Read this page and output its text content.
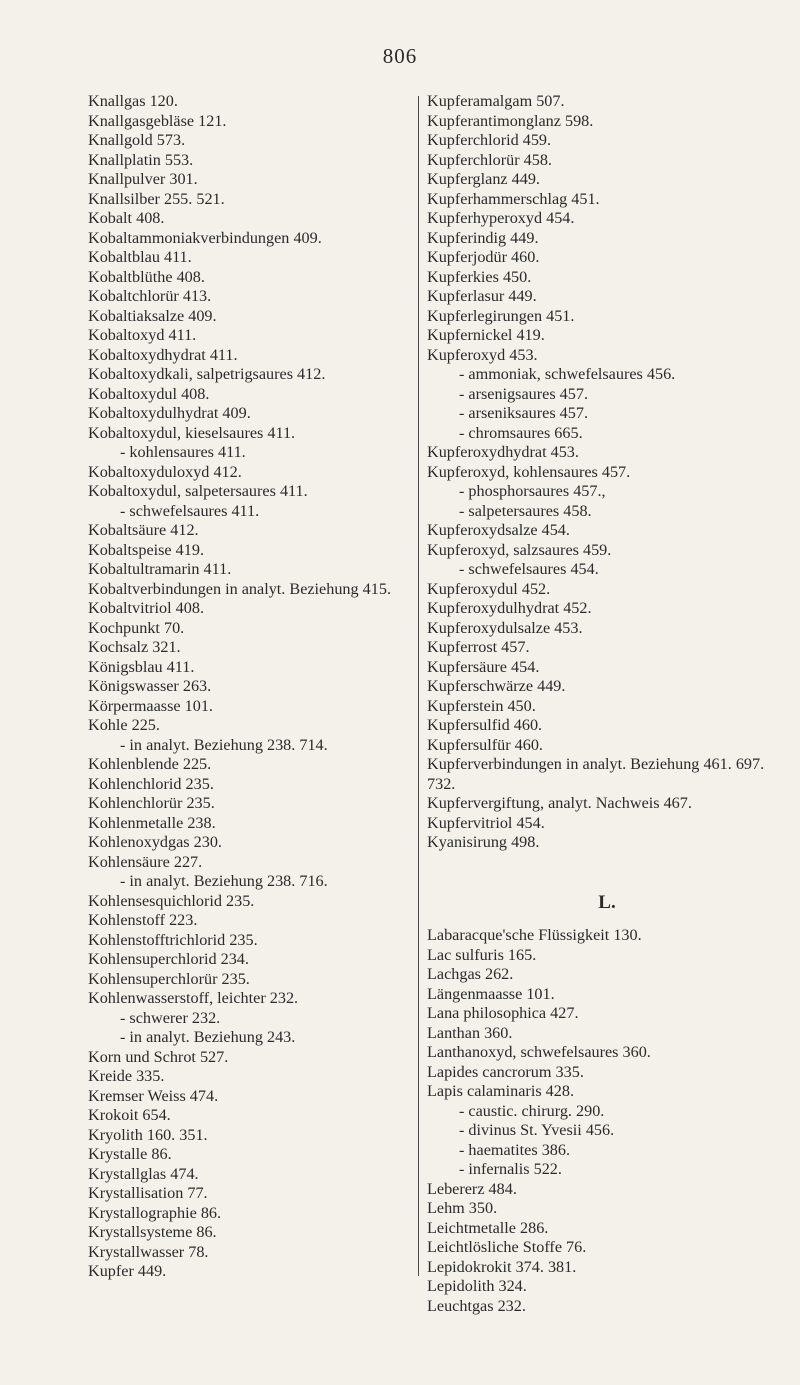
806
Knallgas 120.
Knallgasgebläse 121.
Knallgold 573.
Knallplatin 553.
Knallpulver 301.
Knallsilber 255. 521.
Kobalt 408.
Kobaltammoniakverbindungen 409.
Kobaltblau 411.
Kobaltblüthe 408.
Kobaltchlorür 413.
Kobaltiaksalze 409.
Kobaltoxyd 411.
Kobaltoxydhydrat 411.
Kobaltoxydkali, salpetrigsaures 412.
Kobaltoxydul 408.
Kobaltoxydulhydrat 409.
Kobaltoxydul, kieselsaures 411.
- kohlensaures 411.
Kobaltoxyduloxyd 412.
Kobaltoxydul, salpetersaures 411.
- schwefelsaures 411.
Kobaltsäure 412.
Kobaltspeise 419.
Kobaltultramarin 411.
Kobaltverbindungen in analyt. Beziehung 415.
Kobaltvitriol 408.
Kochpunkt 70.
Kochsalz 321.
Königsblau 411.
Königswasser 263.
Körpermaasse 101.
Kohle 225.
- in analyt. Beziehung 238. 714.
Kohlenblende 225.
Kohlenchlorid 235.
Kohlenchlorür 235.
Kohlenmetalle 238.
Kohlenoxydgas 230.
Kohlensäure 227.
- in analyt. Beziehung 238. 716.
Kohlensesquichlorid 235.
Kohlenstoff 223.
Kohlenstofftrichlorid 235.
Kohlensuperchlorid 234.
Kohlensuperchlorür 235.
Kohlenwasserstoff, leichter 232.
- schwerer 232.
- in analyt. Beziehung 243.
Korn und Schrot 527.
Kreide 335.
Kremser Weiss 474.
Krokoit 654.
Kryolith 160. 351.
Krystalle 86.
Krystallglas 474.
Krystallisation 77.
Krystallographie 86.
Krystallsysteme 86.
Krystallwasser 78.
Kupfer 449.
Kupferamalgam 507.
Kupferantimonglanz 598.
Kupferchlorid 459.
Kupferchlorür 458.
Kupferglanz 449.
Kupferhammerschlag 451.
Kupferhyperoxyd 454.
Kupferindig 449.
Kupferjodür 460.
Kupferkies 450.
Kupferlasur 449.
Kupferlegirungen 451.
Kupfernickel 419.
Kupferoxyd 453.
- ammoniak, schwefelsaures 456.
- arsenigsaures 457.
- arseniksaures 457.
- chromsaures 665.
Kupferoxydhydrat 453.
Kupferoxyd, kohlensaures 457.
- phosphorsaures 457.,
- salpetersaures 458.
Kupferoxydsalze 454.
Kupferoxyd, salzsaures 459.
- schwefelsaures 454.
Kupferoxydul 452.
Kupferoxydulhydrat 452.
Kupferoxydulsalze 453.
Kupferrost 457.
Kupfersäure 454.
Kupferschwärze 449.
Kupferstein 450.
Kupfersulfid 460.
Kupfersulfür 460.
Kupferverbindungen in analyt. Beziehung 461. 697. 732.
Kupfervergiftung, analyt. Nachweis 467.
Kupfervitriol 454.
Kyanisirung 498.
L.
Labaracque'sche Flüssigkeit 130.
Lac sulfuris 165.
Lachgas 262.
Längenmaasse 101.
Lana philosophica 427.
Lanthan 360.
Lanthanoxyd, schwefelsaures 360.
Lapides cancrorum 335.
Lapis calaminaris 428.
- caustic. chirurg. 290.
- divinus St. Yvesii 456.
- haematites 386.
- infernalis 522.
Lebererz 484.
Lehm 350.
Leichtmetalle 286.
Leichtlösliche Stoffe 76.
Lepidokrokit 374. 381.
Lepidolith 324.
Leuchtgas 232.
